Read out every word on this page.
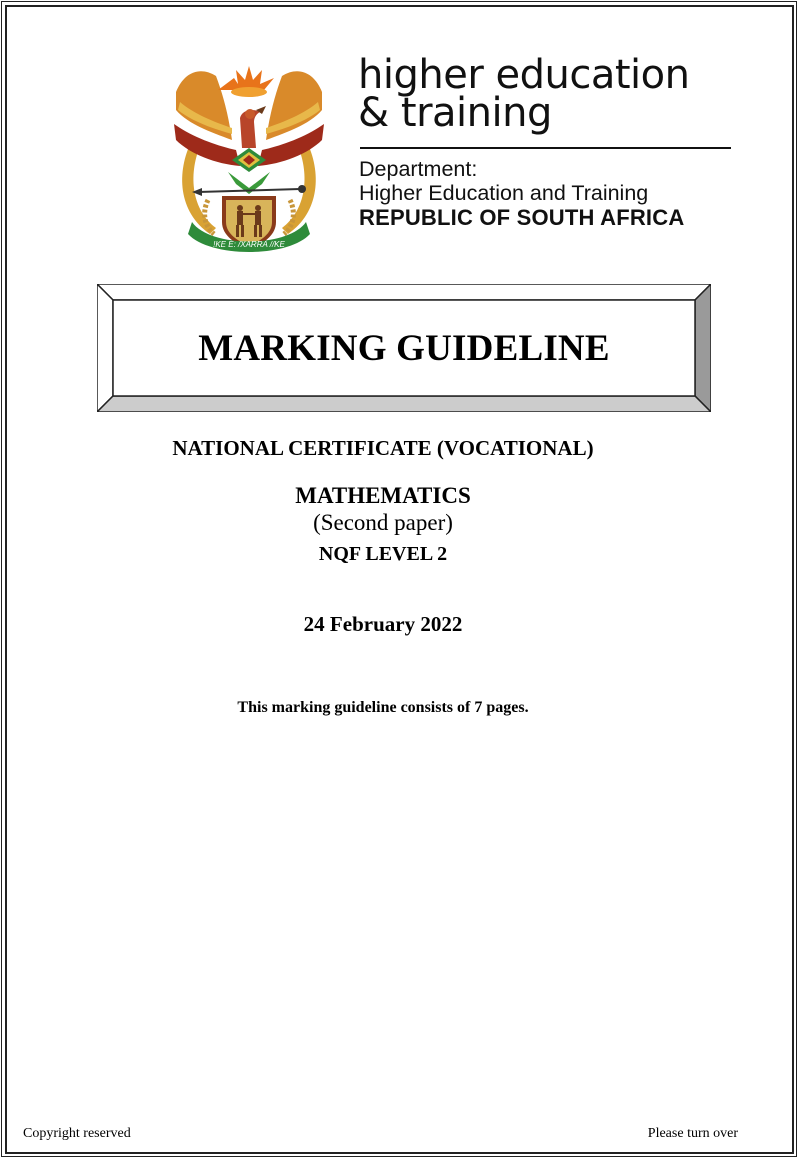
!KE E: /XARRA //KE
higher education
& training
Department:
Higher Education and Training
REPUBLIC OF SOUTH AFRICA
MARKING GUIDELINE
NATIONAL CERTIFICATE (VOCATIONAL)
MATHEMATICS
(Second paper)
NQF LEVEL 2
24 February 2022
This marking guideline consists of 7 pages.
Copyright reserved	Please turn over
